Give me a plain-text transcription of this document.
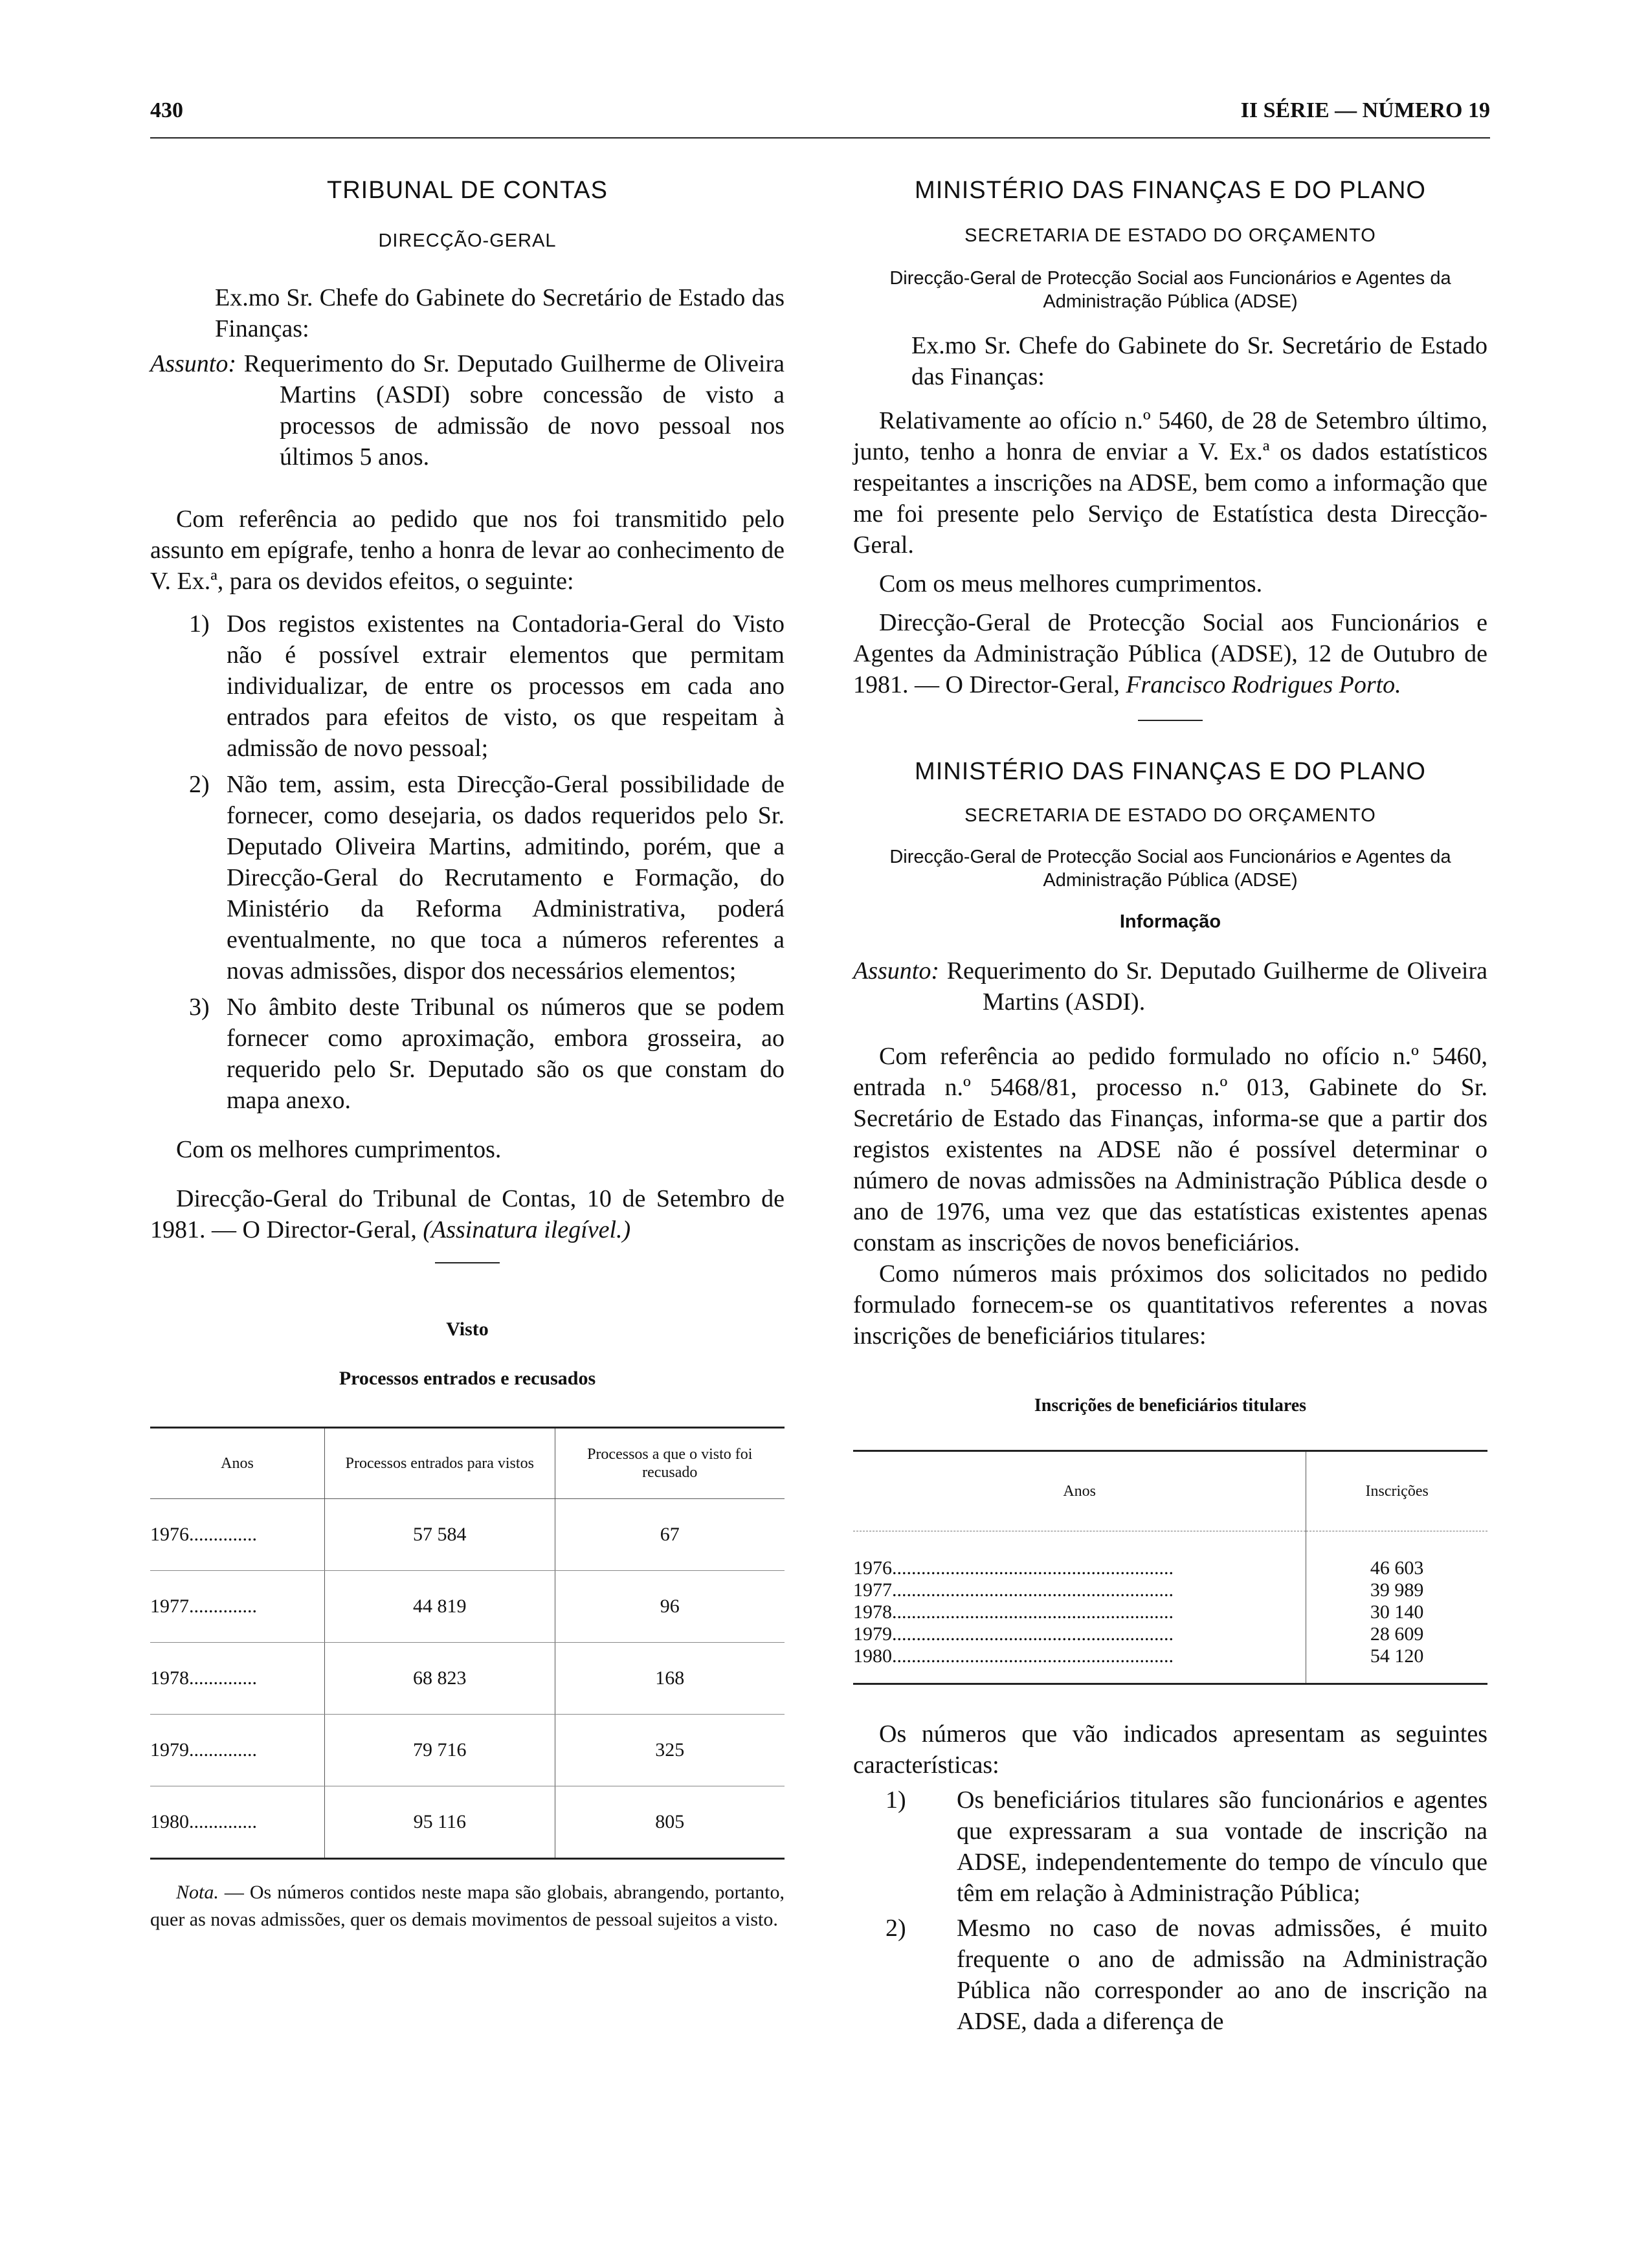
430	II SÉRIE — NÚMERO 19
TRIBUNAL DE CONTAS
DIRECÇÃO-GERAL

Ex.mo Sr. Chefe do Gabinete do Secretário de Estado das Finanças:

Assunto: Requerimento do Sr. Deputado Guilherme de Oliveira Martins (ASDI) sobre concessão de visto a processos de admissão de novo pessoal nos últimos 5 anos.

Com referência ao pedido que nos foi transmitido pelo assunto em epígrafe, tenho a honra de levar ao conhecimento de V. Ex.ª, para os devidos efeitos, o seguinte:

1) Dos registos existentes na Contadoria-Geral do Visto não é possível extrair elementos que permitam individualizar, de entre os processos em cada ano entrados para efeitos de visto, os que respeitam à admissão de novo pessoal;
2) Não tem, assim, esta Direcção-Geral possibilidade de fornecer, como desejaria, os dados requeridos pelo Sr. Deputado Oliveira Martins, admitindo, porém, que a Direcção-Geral do Recrutamento e Formação, do Ministério da Reforma Administrativa, poderá eventualmente, no que toca a números referentes a novas admissões, dispor dos necessários elementos;
3) No âmbito deste Tribunal os números que se podem fornecer como aproximação, embora grosseira, ao requerido pelo Sr. Deputado são os que constam do mapa anexo.

Com os melhores cumprimentos.

Direcção-Geral do Tribunal de Contas, 10 de Setembro de 1981. — O Director-Geral, (Assinatura ilegível.)

Visto
Processos entrados e recusados
Anos	Processos entrados para vistos	Processos a que o visto foi recusado
1976..............	57 584	67
1977..............	44 819	96
1978..............	68 823	168
1979..............	79 716	325
1980..............	95 116	805

Nota. — Os números contidos neste mapa são globais, abrangendo, portanto, quer as novas admissões, quer os demais movimentos de pessoal sujeitos a visto.

MINISTÉRIO DAS FINANÇAS E DO PLANO
SECRETARIA DE ESTADO DO ORÇAMENTO
Direcção-Geral de Protecção Social aos Funcionários e Agentes da Administração Pública (ADSE)

Ex.mo Sr. Chefe do Gabinete do Sr. Secretário de Estado das Finanças:

Relativamente ao ofício n.º 5460, de 28 de Setembro último, junto, tenho a honra de enviar a V. Ex.ª os dados estatísticos respeitantes a inscrições na ADSE, bem como a informação que me foi presente pelo Serviço de Estatística desta Direcção-Geral.

Com os meus melhores cumprimentos.

Direcção-Geral de Protecção Social aos Funcionários e Agentes da Administração Pública (ADSE), 12 de Outubro de 1981. — O Director-Geral, Francisco Rodrigues Porto.

MINISTÉRIO DAS FINANÇAS E DO PLANO
SECRETARIA DE ESTADO DO ORÇAMENTO
Direcção-Geral de Protecção Social aos Funcionários e Agentes da Administração Pública (ADSE)
Informação

Assunto: Requerimento do Sr. Deputado Guilherme de Oliveira Martins (ASDI).

Com referência ao pedido formulado no ofício n.º 5460, entrada n.º 5468/81, processo n.º 013, Gabinete do Sr. Secretário de Estado das Finanças, informa-se que a partir dos registos existentes na ADSE não é possível determinar o número de novas admissões na Administração Pública desde o ano de 1976, uma vez que das estatísticas existentes apenas constam as inscrições de novos beneficiários.

Como números mais próximos dos solicitados no pedido formulado fornecem-se os quantitativos referentes a novas inscrições de beneficiários titulares:

Inscrições de beneficiários titulares
Anos	Inscrições

1976..........................................................	46 603
1977..........................................................	39 989
1978..........................................................	30 140
1979..........................................................	28 609
1980..........................................................	54 120

Os números que vão indicados apresentam as seguintes características:

1) Os beneficiários titulares são funcionários e agentes que expressaram a sua vontade de inscrição na ADSE, independentemente do tempo de vínculo que têm em relação à Administração Pública;
2) Mesmo no caso de novas admissões, é muito frequente o ano de admissão na Administração Pública não corresponder ao ano de inscrição na ADSE, dada a diferença de
